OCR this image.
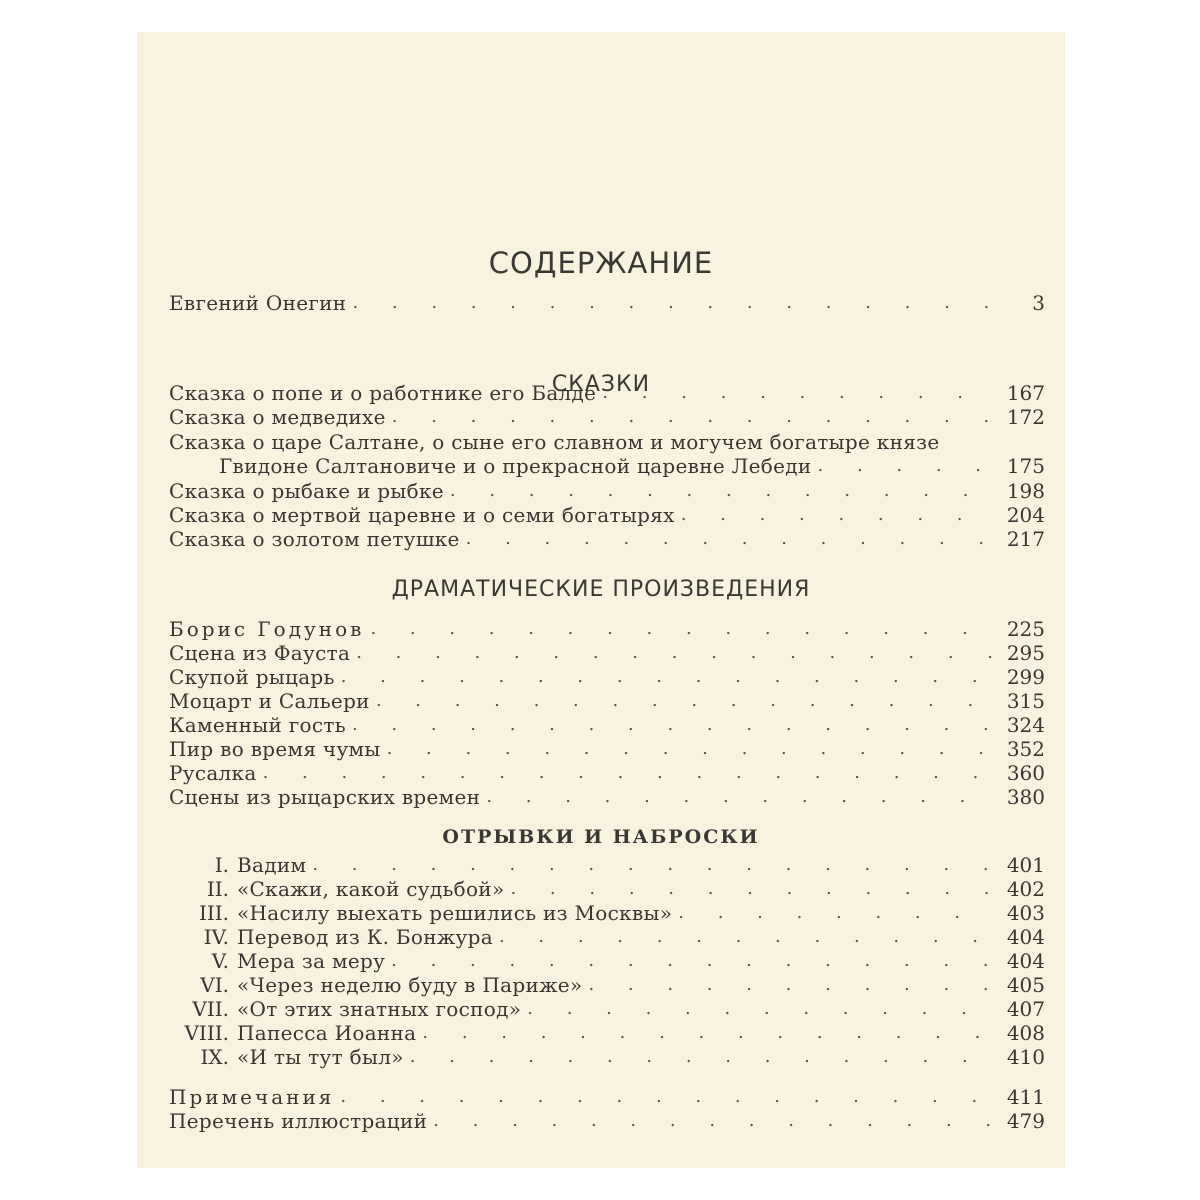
СОДЕРЖАНИЕ
Евгений Онегин . . .	3
СКАЗКИ
Сказка о попе и о работнике его Балде . . .	167
Сказка о медведихе . . .	172
Сказка о царе Салтане, о сыне его славном и могучем богатыре князе
Гвидоне Салтановиче и о прекрасной царевне Лебеди . . .	175
Сказка о рыбаке и рыбке . . .	198
Сказка о мертвой царевне и о семи богатырях . . .	204
Сказка о золотом петушке . . .	217
ДРАМАТИЧЕСКИЕ ПРОИЗВЕДЕНИЯ
Борис Годунов . . .	225
Сцена из Фауста . . .	295
Скупой рыцарь . . .	299
Моцарт и Сальери . . .	315
Каменный гость . . .	324
Пир во время чумы . . .	352
Русалка . . .	360
Сцены из рыцарских времен . . .	380
ОТРЫВКИ И НАБРОСКИ
I. Вадим . . .	401
II. «Скажи, какой судьбой» . . .	402
III. «Насилу выехать решились из Москвы» . . .	403
IV. Перевод из К. Бонжура . . .	404
V. Мера за меру . . .	404
VI. «Через неделю буду в Париже» . . .	405
VII. «От этих знатных господ» . . .	407
VIII. Папесса Иоанна . . .	408
IX. «И ты тут был» . . .	410
Примечания . . .	411
Перечень иллюстраций . . .	479
